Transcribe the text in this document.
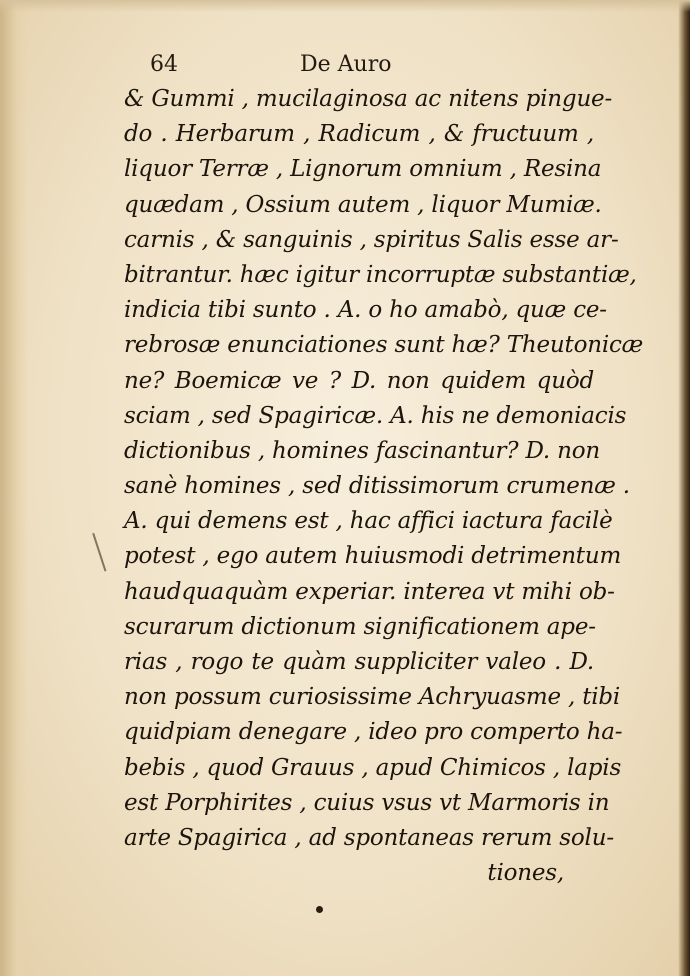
64	De Auro
& Gummi , mucilaginosa ac nitens pingue-
do . Herbarum , Radicum , & fructuum ,
liquor Terræ , Lignorum omnium , Resina
quædam , Ossium autem , liquor Mumiæ.
carnis , & sanguinis , spiritus Salis esse ar-
bitrantur. hæc igitur incorruptæ substantiæ,
indicia tibi sunto . A. o ho amabò, quæ ce-
rebrosæ enunciationes sunt hæ? Theutonicæ
ne? Boemicæ ve ? D. non quidem quòd
sciam , sed Spagiricæ. A. his ne demoniacis
dictionibus , homines fascinantur? D. non
sanè homines , sed ditissimorum crumenæ .
A. qui demens est , hac affici iactura facilè
potest , ego autem huiusmodi detrimentum
haudquaquàm experiar. interea vt mihi ob-
scurarum dictionum significationem ape-
rias , rogo te quàm suppliciter valeo . D.
non possum curiosissime Achryuasme , tibi
quidpiam denegare , ideo pro comperto ha-
bebis , quod Grauus , apud Chimicos , lapis
est Porphirites , cuius vsus vt Marmoris in
arte Spagirica , ad spontaneas rerum solu-
tiones,
